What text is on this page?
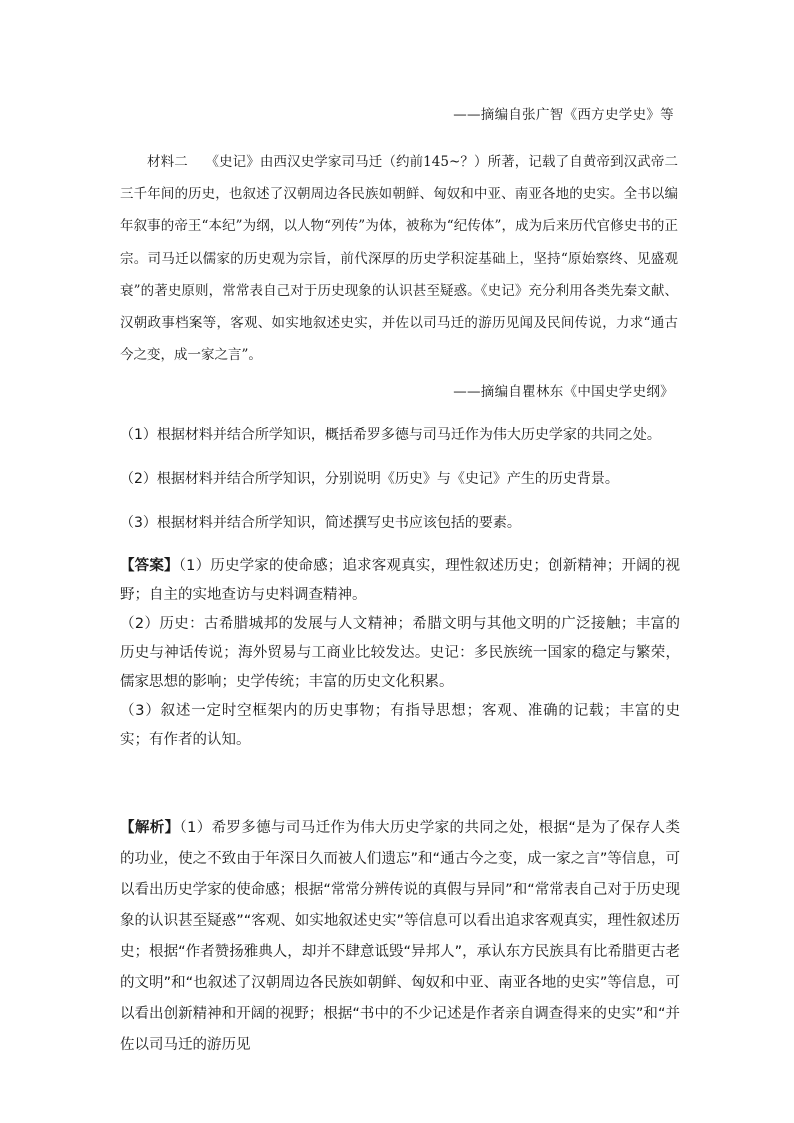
——摘编自张广智《西方史学史》等
材料二 《史记》由西汉史学家司马迁（约前145~？）所著，记载了自黄帝到汉武帝二三千年间的历史，也叙述了汉朝周边各民族如朝鲜、匈奴和中亚、南亚各地的史实。全书以编年叙事的帝王“本纪”为纲，以人物“列传”为体，被称为“纪传体”，成为后来历代官修史书的正宗。司马迁以儒家的历史观为宗旨，前代深厚的历史学积淀基础上，坚持“原始察终、见盛观衰”的著史原则，常常表自己对于历史现象的认识甚至疑惑。《史记》充分利用各类先秦文献、汉朝政事档案等，客观、如实地叙述史实，并佐以司马迁的游历见闻及民间传说，力求“通古今之变，成一家之言”。
——摘编自瞿林东《中国史学史纲》
（1）根据材料并结合所学知识，概括希罗多德与司马迁作为伟大历史学家的共同之处。
（2）根据材料并结合所学知识，分别说明《历史》与《史记》产生的历史背景。
（3）根据材料并结合所学知识，简述撰写史书应该包括的要素。

【答案】（1）历史学家的使命感；追求客观真实，理性叙述历史；创新精神；开阔的视野；自主的实地查访与史料调查精神。

（2）历史：古希腊城邦的发展与人文精神；希腊文明与其他文明的广泛接触；丰富的历史与神话传说；海外贸易与工商业比较发达。史记：多民族统一国家的稳定与繁荣，儒家思想的影响；史学传统；丰富的历史文化积累。

（3）叙述一定时空框架内的历史事物；有指导思想；客观、准确的记载；丰富的史实；有作者的认知。

【解析】（1）希罗多德与司马迁作为伟大历史学家的共同之处，根据“是为了保存人类的功业，使之不致由于年深日久而被人们遗忘”和“通古今之变，成一家之言”等信息，可以看出历史学家的使命感；根据“常常分辨传说的真假与异同”和“常常表自己对于历史现象的认识甚至疑惑”“客观、如实地叙述史实”等信息可以看出追求客观真实，理性叙述历史；根据“作者赞扬雅典人，却并不肆意诋毁“异邦人”，承认东方民族具有比希腊更古老的文明”和“也叙述了汉朝周边各民族如朝鲜、匈奴和中亚、南亚各地的史实”等信息，可以看出创新精神和开阔的视野；根据“书中的不少记述是作者亲自调查得来的史实”和“并佐以司马迁的游历见
